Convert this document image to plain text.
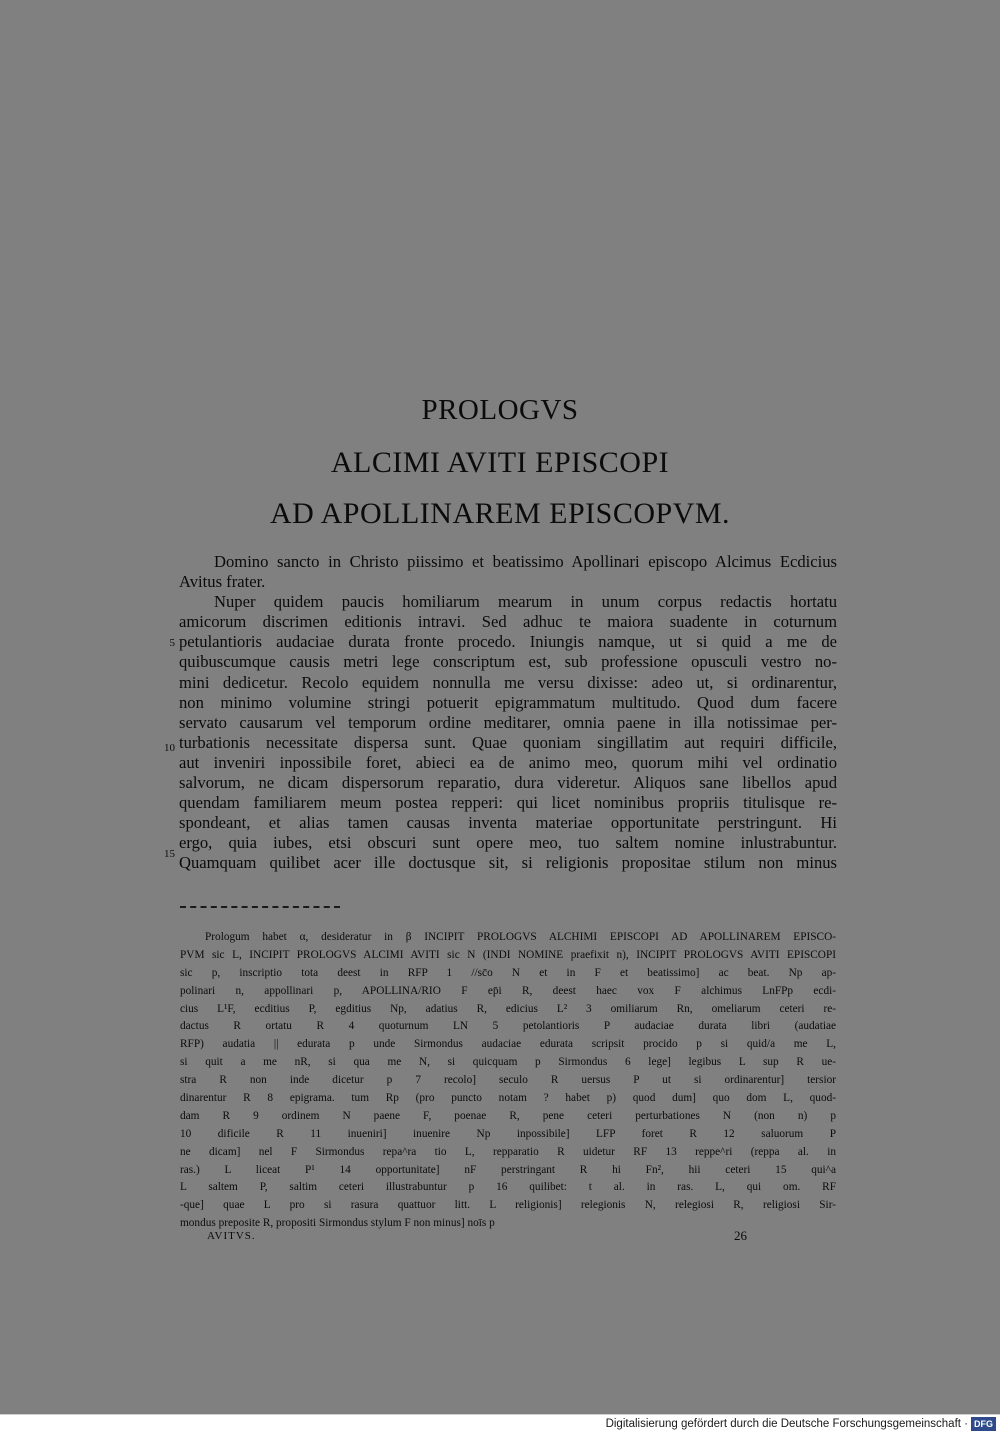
PROLOGVS
ALCIMI AVITI EPISCOPI
AD APOLLINAREM EPISCOPVM.
Domino sancto in Christo piissimo et beatissimo Apollinari episcopo Alcimus Ecdicius
Avitus frater.
Nuper quidem paucis homiliarum mearum in unum corpus redactis hortatu
amicorum discrimen editionis intravi. Sed adhuc te maiora suadente in coturnum
petulantioris audaciae durata fronte procedo. Iniungis namque, ut si quid a me de
quibuscumque causis metri lege conscriptum est, sub professione opusculi vestro no-
mini dedicetur. Recolo equidem nonnulla me versu dixisse: adeo ut, si ordinarentur,
non minimo volumine stringi potuerit epigrammatum multitudo. Quod dum facere
servato causarum vel temporum ordine meditarer, omnia paene in illa notissimae per-
turbationis necessitate dispersa sunt. Quae quoniam singillatim aut requiri difficile,
aut inveniri inpossibile foret, abieci ea de animo meo, quorum mihi vel ordinatio
salvorum, ne dicam dispersorum reparatio, dura videretur. Aliquos sane libellos apud
quendam familiarem meum postea repperi: qui licet nominibus propriis titulisque re-
spondeant, et alias tamen causas inventa materiae opportunitate perstringunt. Hi
ergo, quia iubes, etsi obscuri sunt opere meo, tuo saltem nomine inlustrabuntur.
Quamquam quilibet acer ille doctusque sit, si religionis propositae stilum non minus
5
10
15
Prologum habet α, desideratur in β INCIPIT PROLOGVS ALCHIMI EPISCOPI AD APOLLINAREM EPISCO-
PVM sic L, INCIPIT PROLOGVS ALCIMI AVITI sic N (INDI NOMINE praefixit n), INCIPIT PROLOGVS AVITI EPISCOPI
sic p, inscriptio tota deest in RFP 1 //sc̄o N et in F et beatissimo] ac beat. Np ap-
polinari n, appollinari p, APOLLINA/RIO F ep̄i R, deest haec vox F alchimus LnFPp ecdi-
cius L¹F, ecditius P, egditius Np, adatius R, edicius L² 3 omiliarum Rn, omeliarum ceteri re-
dactus R ortatu R 4 quoturnum LN 5 petolantioris P audaciae durata libri (audatiae
RFP) audatia || edurata p unde Sirmondus audaciae edurata scripsit procido p si quid/a me L,
si quit a me nR, si qua me N, si quicquam p Sirmondus 6 lege] legibus L sup R ue-
stra R non inde dicetur p 7 recolo] seculo R uersus P ut si ordinarentur] tersior
dinarentur R 8 epigrama. tum Rp (pro puncto notam ? habet p) quod dum] quo dom L, quod-
dam R 9 ordinem N paene F, poenae R, pene ceteri perturbationes N (non n) p
10 dificile R 11 inueniri] inuenire Np inpossibile] LFP foret R 12 saluorum P
ne dicam] nel F Sirmondus repa^ra tio L, repparatio R uidetur RF 13 reppe^ri (reppa al. in
ras.) L liceat P¹ 14 opportunitate] nF perstringant R hi Fn², hii ceteri 15 qui^a
L saltem P, saltim ceteri illustrabuntur p 16 quilibet: t al. in ras. L, qui om. RF
-que] quae L pro si rasura quattuor litt. L religionis] relegionis N, relegiosi R, religiosi Sir-
mondus preposite R, propositi Sirmondus stylum F non minus] noīs p
AVITVS.	26
Digitalisierung gefördert durch die Deutsche Forschungsgemeinschaft · DFG
